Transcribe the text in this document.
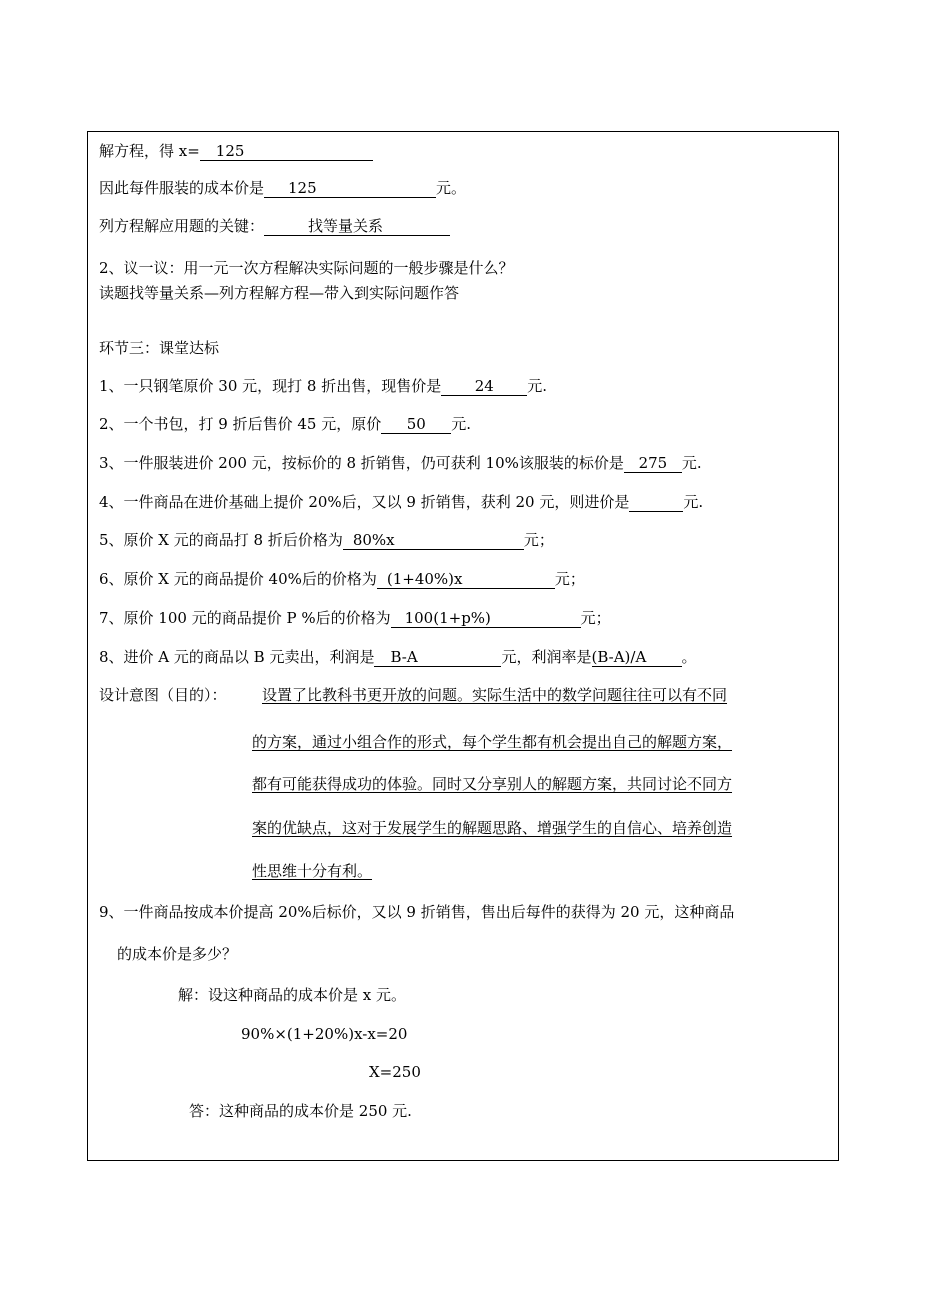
解方程，得 x= 125
因此每件服装的成本价是 125	元。
列方程解应用题的关键：	找等量关系
2、议一议：用一元一次方程解决实际问题的一般步骤是什么？
读题找等量关系—列方程解方程—带入到实际问题作答
环节三：课堂达标
1、一只钢笔原价 30 元，现打 8 折出售，现售价是 24 元.
2、一个书包，打 9 折后售价 45 元，原价 50 元.
3、一件服装进价 200 元，按标价的 8 折销售，仍可获利 10%该服装的标价是 275 元.
4、一件商品在进价基础上提价 20%后，又以 9 折销售，获利 20 元，则进价是	元.
5、原价 X 元的商品打 8 折后价格为 80%x	元；
6、原价 X 元的商品提价 40%后的价格为 (1+40%)x	元；
7、原价 100 元的商品提价 P %后的价格为 100(1+p%)	元；
8、进价 A 元的商品以 B 元卖出，利润是 B-A	元，利润率是(B-A)/A 。
设计意图（目的）： 设置了比教科书更开放的问题。实际生活中的数学问题往往可以有不同
的方案，通过小组合作的形式，每个学生都有机会提出自己的解题方案，
都有可能获得成功的体验。同时又分享别人的解题方案，共同讨论不同方
案的优缺点，这对于发展学生的解题思路、增强学生的自信心、培养创造
性思维十分有利。
9、一件商品按成本价提高 20%后标价，又以 9 折销售，售出后每件的获得为 20 元，这种商品
的成本价是多少？
解：设这种商品的成本价是 x 元。
90%×(1+20%)x-x=20
X=250
答：这种商品的成本价是 250 元.
